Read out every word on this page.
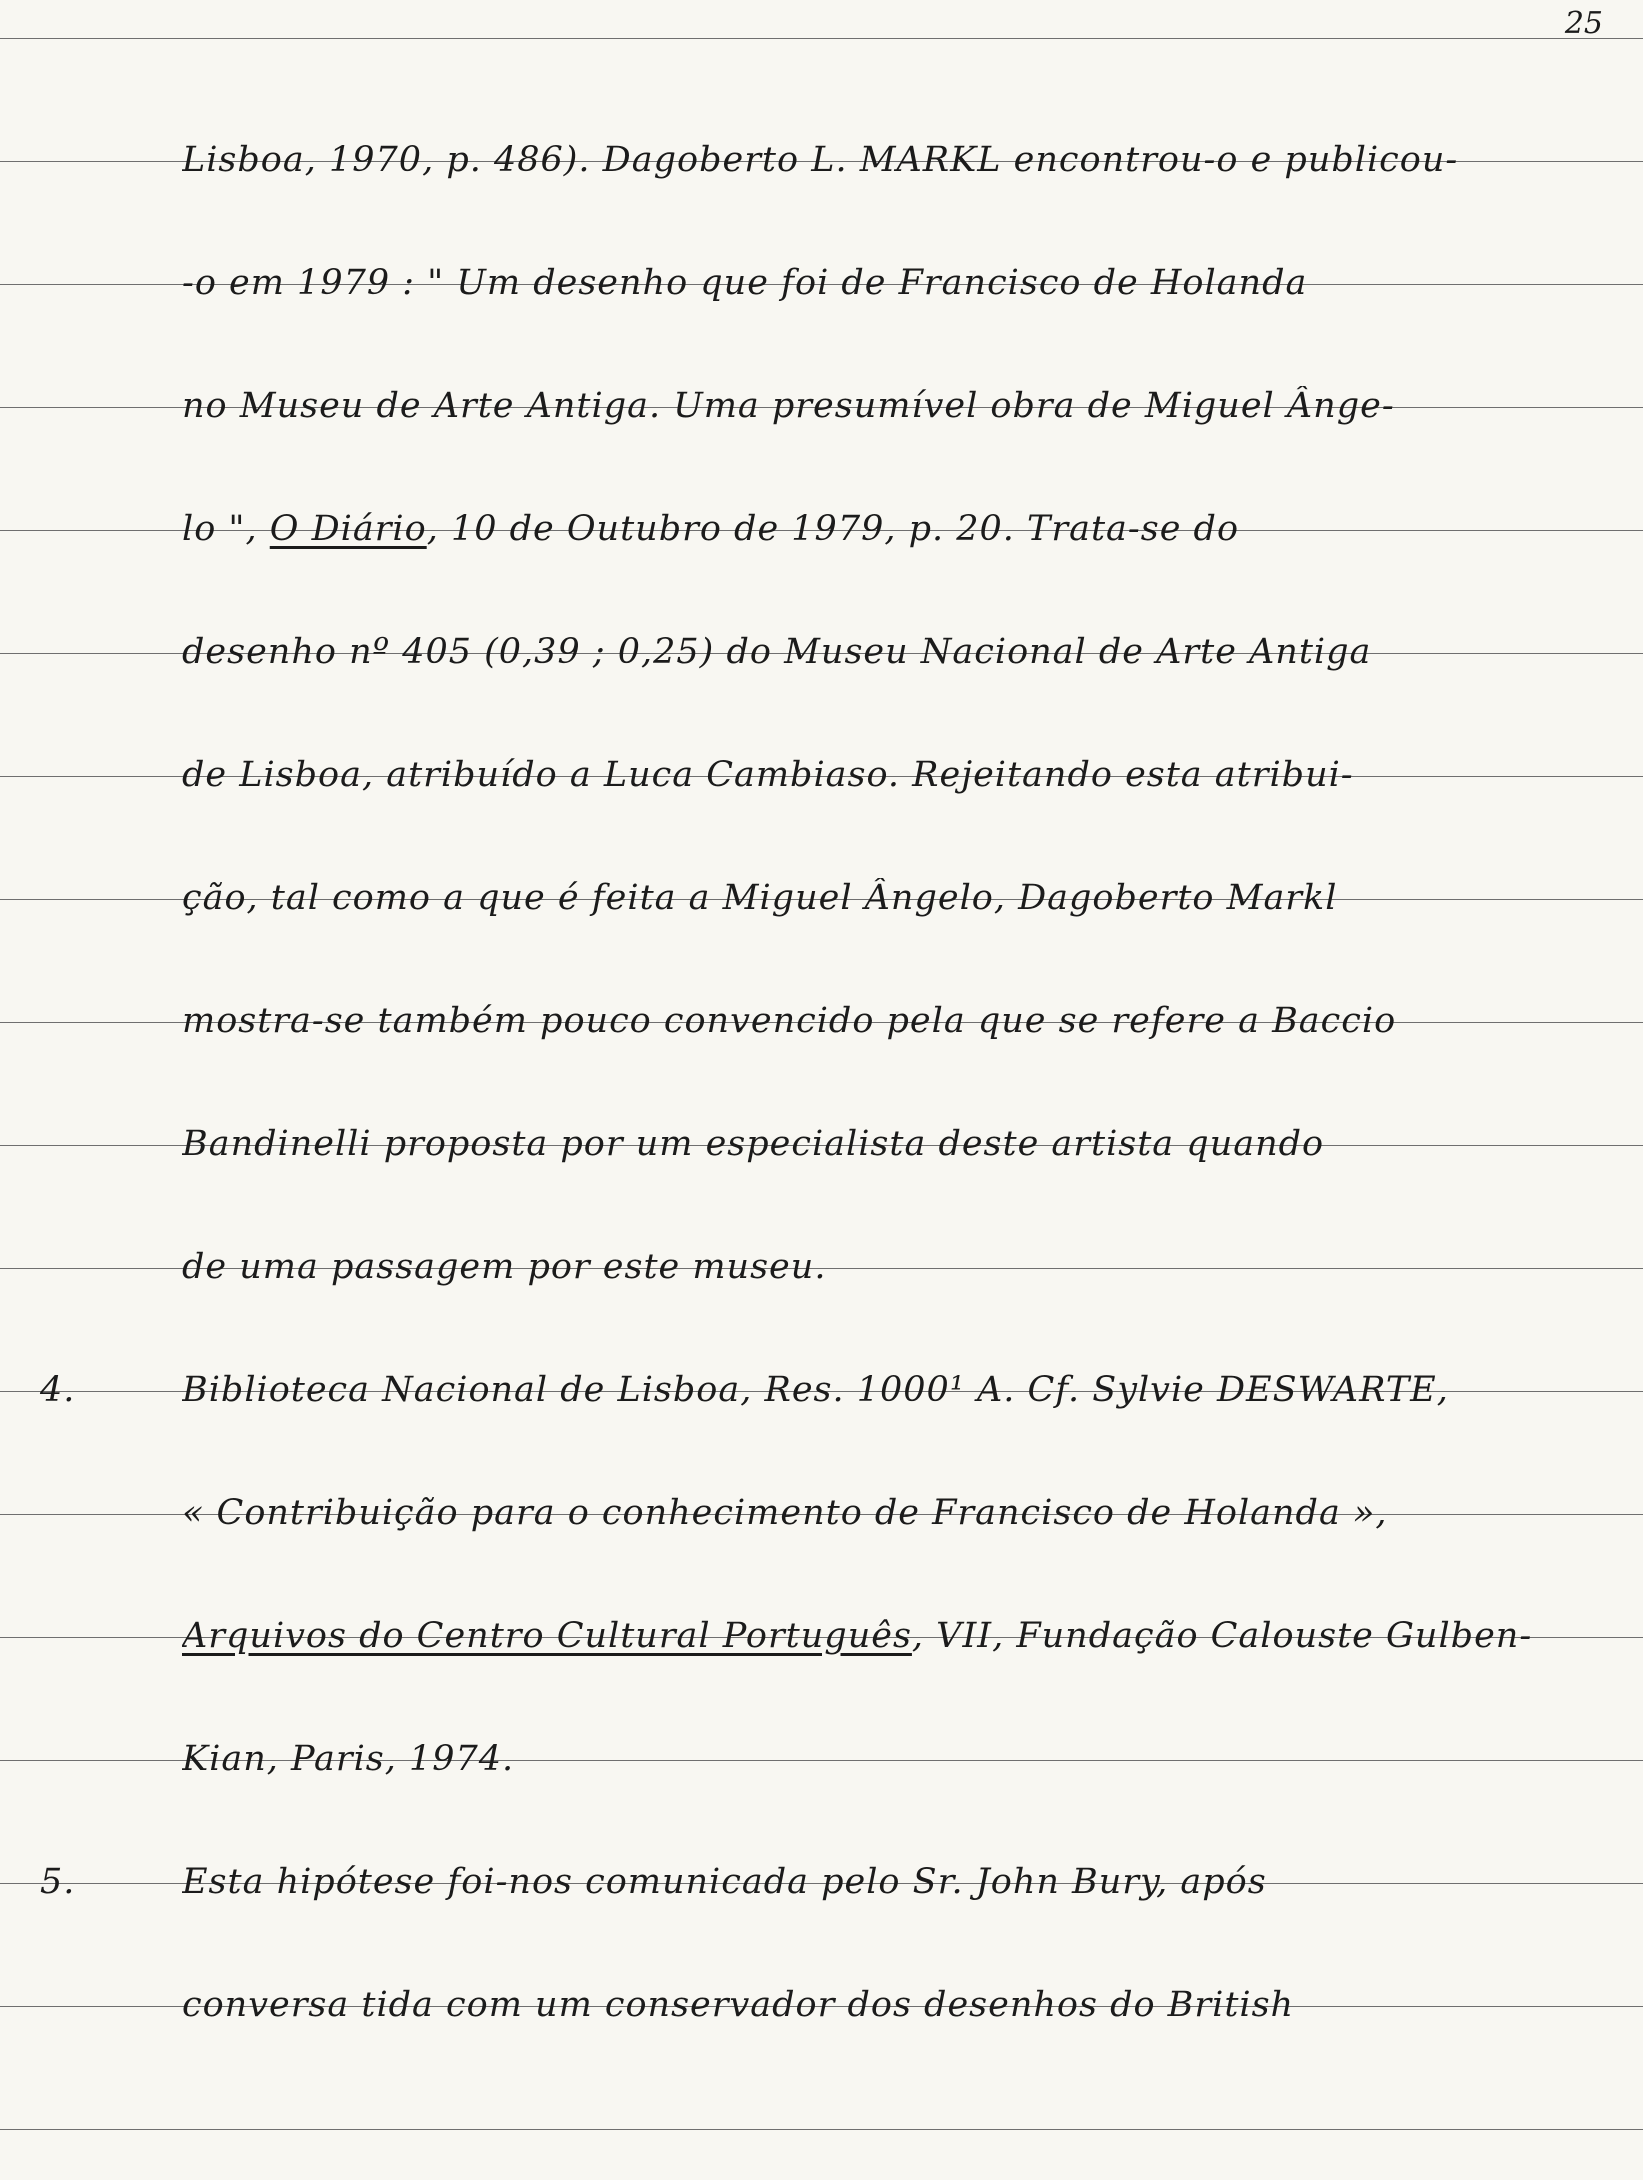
25
Lisboa, 1970, p. 486). Dagoberto L. MARKL encontrou-o e publicou-
-o em 1979 : " Um desenho que foi de Francisco de Holanda
no Museu de Arte Antiga. Uma presumível obra de Miguel Ânge-
lo ", O Diário, 10 de Outubro de 1979, p. 20. Trata-se do
desenho nº 405 (0,39 ; 0,25) do Museu Nacional de Arte Antiga
de Lisboa, atribuído a Luca Cambiaso. Rejeitando esta atribui-
ção, tal como a que é feita a Miguel Ângelo, Dagoberto Markl
mostra-se também pouco convencido pela que se refere a Baccio
Bandinelli proposta por um especialista deste artista quando
de uma passagem por este museu.
4.	Biblioteca Nacional de Lisboa, Res. 1000¹ A. Cf. Sylvie DESWARTE,
« Contribuição para o conhecimento de Francisco de Holanda »,
Arquivos do Centro Cultural Português, VII, Fundação Calouste Gulben-
Kian, Paris, 1974.
5.	Esta hipótese foi-nos comunicada pelo Sr. John Bury, após
conversa tida com um conservador dos desenhos do British
